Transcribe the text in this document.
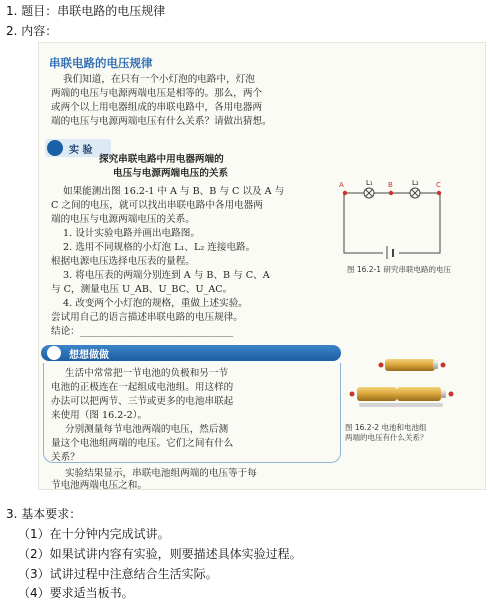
1. 题目：串联电路的电压规律
2. 内容：
串联电路的电压规律
我们知道，在只有一个小灯泡的电路中，灯泡
两端的电压与电源两端电压是相等的。那么，两个
或两个以上用电器组成的串联电路中，各用电器两
端的电压与电源两端电压有什么关系？请做出猜想。
实 验
探究串联电路中用电器两端的
电压与电源两端电压的关系
如果能测出图 16.2-1 中 A 与 B、B 与 C 以及 A 与
C 之间的电压，就可以找出串联电路中各用电器两
端的电压与电源两端电压的关系。
1. 设计实验电路并画出电路图。
2. 选用不同规格的小灯泡 L₁、L₂ 连接电路。
根据电源电压选择电压表的量程。
3. 将电压表的两端分别连到 A 与 B、B 与 C、A
与 C，测量电压 U_AB、U_BC、U_AC。
4. 改变两个小灯泡的规格，重做上述实验。
尝试用自己的语言描述串联电路的电压规律。
结论：________________________________
A	L₁ B	L₂ C
图 16.2-1 研究串联电路的电压
想想做做
生活中常常把一节电池的负极和另一节
电池的正极连在一起组成电池组。用这样的
办法可以把两节、三节或更多的电池串联起
来使用（图 16.2-2）。
分别测量每节电池两端的电压，然后测
量这个电池组两端的电压。它们之间有什么
关系？
图 16.2-2 电池和电池组
两端的电压有什么关系？
实验结果显示，串联电池组两端的电压等于每
节电池两端电压之和。
3. 基本要求：
（1）在十分钟内完成试讲。
（2）如果试讲内容有实验，则要描述具体实验过程。
（3）试讲过程中注意结合生活实际。
（4）要求适当板书。
